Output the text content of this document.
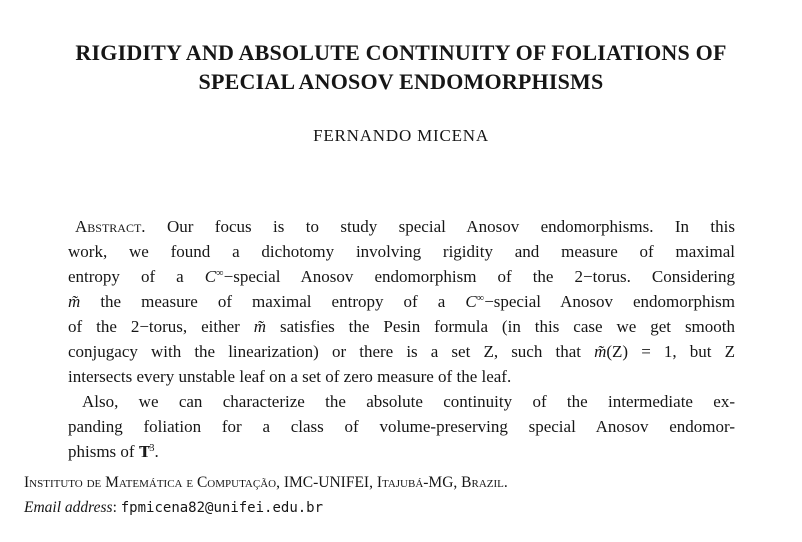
RIGIDITY AND ABSOLUTE CONTINUITY OF FOLIATIONS OF
SPECIAL ANOSOV ENDOMORPHISMS
FERNANDO MICENA
Abstract. Our focus is to study special Anosov endomorphisms. In this
work, we found a dichotomy involving rigidity and measure of maximal
entropy of a C∞−special Anosov endomorphism of the 2−torus. Considering
m̃ the measure of maximal entropy of a C∞−special Anosov endomorphism
of the 2−torus, either m̃ satisfies the Pesin formula (in this case we get smooth
conjugacy with the linearization) or there is a set Z, such that m̃(Z) = 1, but Z
intersects every unstable leaf on a set of zero measure of the leaf.
Also, we can characterize the absolute continuity of the intermediate ex-
panding foliation for a class of volume-preserving special Anosov endomor-
phisms of T $T^3$.
Instituto de Matemática e Computação, IMC-UNIFEI, Itajubá-MG, Brazil.
Email address: fpmicena82@unifei.edu.br
